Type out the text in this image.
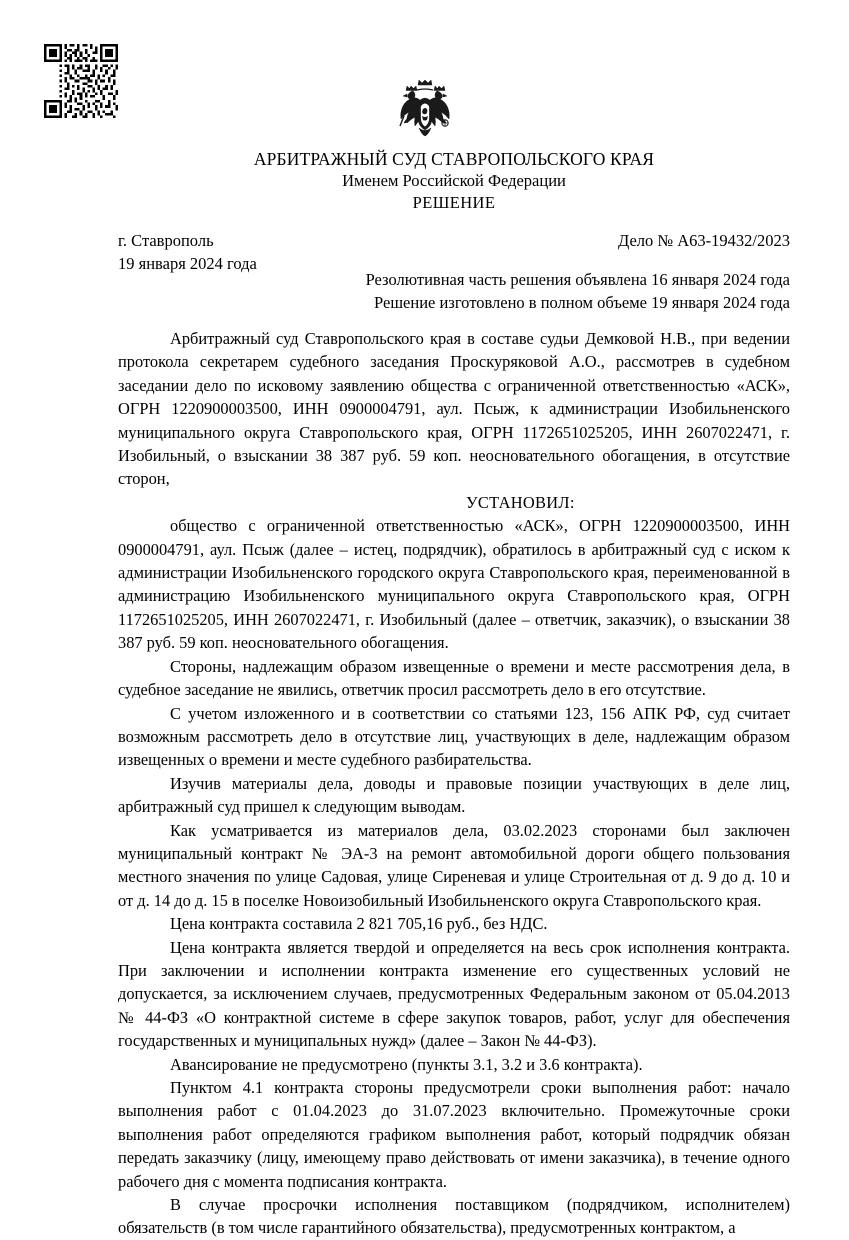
АРБИТРАЖНЫЙ СУД СТАВРОПОЛЬСКОГО КРАЯ
Именем Российской Федерации
РЕШЕНИЕ
г. Ставрополь
19 января 2024 года
Дело № А63-19432/2023
Резолютивная часть решения объявлена 16 января 2024 года
Решение изготовлено в полном объеме 19 января 2024 года

Арбитражный суд Ставропольского края в составе судьи Демковой Н.В., при ведении протокола секретарем судебного заседания Проскуряковой А.О., рассмотрев в судебном заседании дело по исковому заявлению общества с ограниченной ответственностью «АСК», ОГРН 1220900003500, ИНН 0900004791, аул. Псыж, к администрации Изобильненского муниципального округа Ставропольского края, ОГРН 1172651025205, ИНН 2607022471, г. Изобильный, о взыскании 38 387 руб. 59 коп. неосновательного обогащения, в отсутствие сторон,

УСТАНОВИЛ:

общество с ограниченной ответственностью «АСК», ОГРН 1220900003500, ИНН 0900004791, аул. Псыж (далее – истец, подрядчик), обратилось в арбитражный суд с иском к администрации Изобильненского городского округа Ставропольского края, переименованной в администрацию Изобильненского муниципального округа Ставропольского края, ОГРН 1172651025205, ИНН 2607022471, г. Изобильный (далее – ответчик, заказчик), о взыскании 38 387 руб. 59 коп. неосновательного обогащения.

Стороны, надлежащим образом извещенные о времени и месте рассмотрения дела, в судебное заседание не явились, ответчик просил рассмотреть дело в его отсутствие.

С учетом изложенного и в соответствии со статьями 123, 156 АПК РФ, суд считает возможным рассмотреть дело в отсутствие лиц, участвующих в деле, надлежащим образом извещенных о времени и месте судебного разбирательства.

Изучив материалы дела, доводы и правовые позиции участвующих в деле лиц, арбитражный суд пришел к следующим выводам.

Как усматривается из материалов дела, 03.02.2023 сторонами был заключен муниципальный контракт № ЭА-3 на ремонт автомобильной дороги общего пользования местного значения по улице Садовая, улице Сиреневая и улице Строительная от д. 9 до д. 10 и от д. 14 до д. 15 в поселке Новоизобильный Изобильненского округа Ставропольского края.

Цена контракта составила 2 821 705,16 руб., без НДС.

Цена контракта является твердой и определяется на весь срок исполнения контракта. При заключении и исполнении контракта изменение его существенных условий не допускается, за исключением случаев, предусмотренных Федеральным законом от 05.04.2013 № 44-ФЗ «О контрактной системе в сфере закупок товаров, работ, услуг для обеспечения государственных и муниципальных нужд» (далее – Закон № 44-ФЗ).

Авансирование не предусмотрено (пункты 3.1, 3.2 и 3.6 контракта).

Пунктом 4.1 контракта стороны предусмотрели сроки выполнения работ: начало выполнения работ с 01.04.2023 до 31.07.2023 включительно. Промежуточные сроки выполнения работ определяются графиком выполнения работ, который подрядчик обязан передать заказчику (лицу, имеющему право действовать от имени заказчика), в течение одного рабочего дня с момента подписания контракта.

В случае просрочки исполнения поставщиком (подрядчиком, исполнителем) обязательств (в том числе гарантийного обязательства), предусмотренных контрактом, а
